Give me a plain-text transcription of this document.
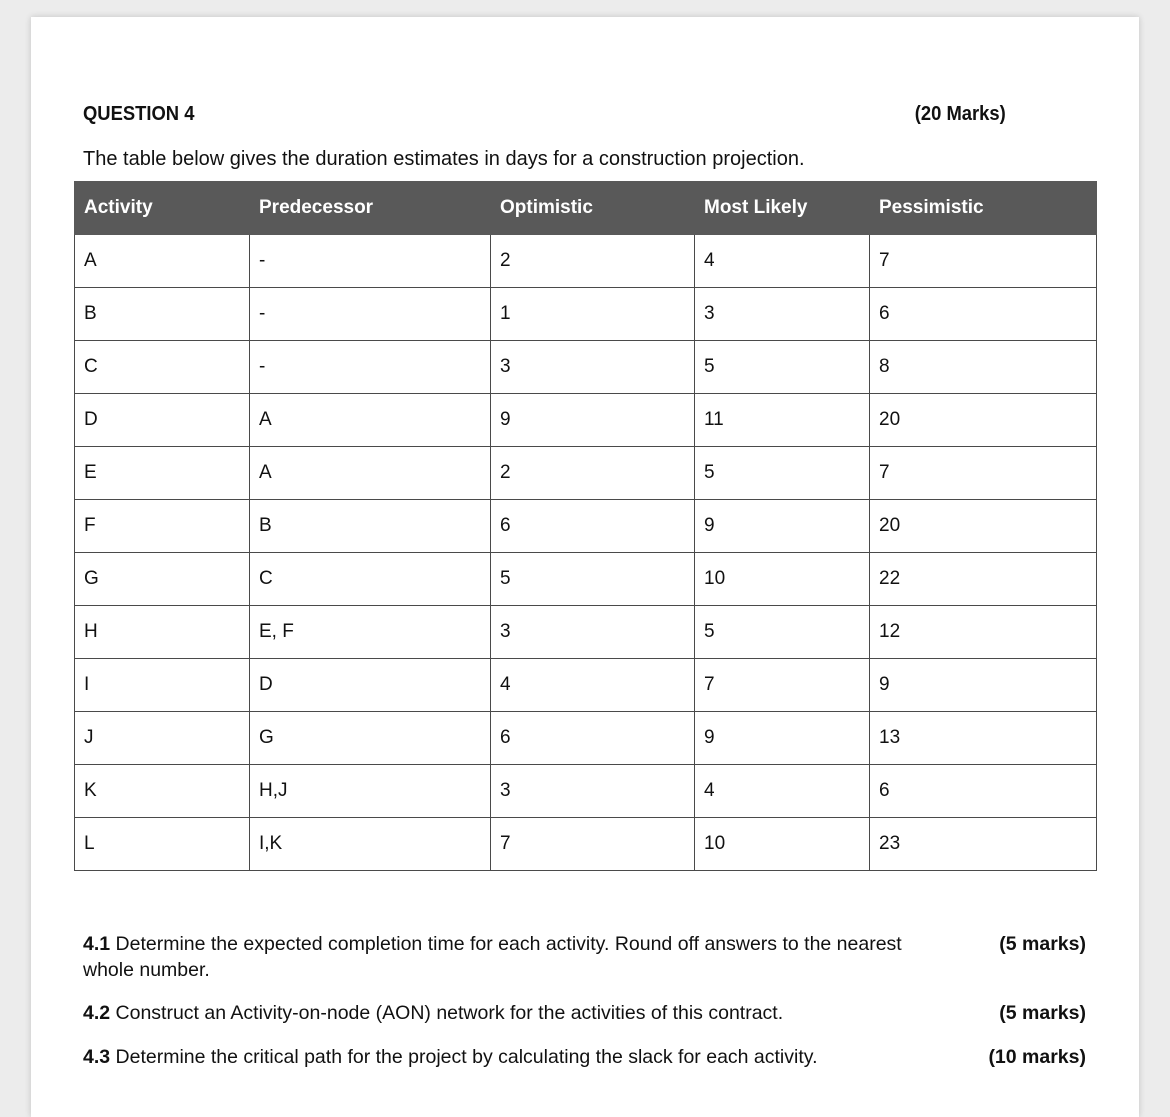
QUESTION 4	(20 Marks)
The table below gives the duration estimates in days for a construction projection.
Activity	Predecessor	Optimistic	Most Likely	Pessimistic
A	-	2	4	7
B	-	1	3	6
C	-	3	5	8
D	A	9	11	20
E	A	2	5	7
F	B	6	9	20
G	C	5	10	22
H	E, F	3	5	12
I	D	4	7	9
J	G	6	9	13
K	H,J	3	4	6
L	I,K	7	10	23
4.1 Determine the expected completion time for each activity. Round off answers to the nearest whole number.
(5 marks)
4.2 Construct an Activity-on-node (AON) network for the activities of this contract.	(5 marks)
4.3 Determine the critical path for the project by calculating the slack for each activity.	(10 marks)
